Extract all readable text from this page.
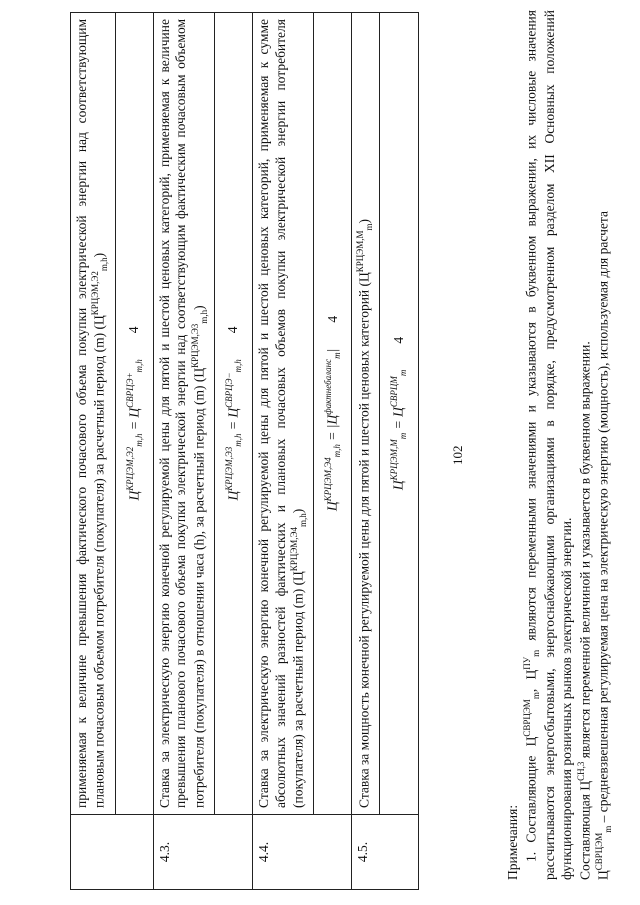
102

	применяемая к величине превышения фактического почасового объема покупки электрической энергии над соответствующим плановым почасовым объемом потребителя (покупателя) за расчетный период (m) $(Ц^{КРЦЭМ,Э2}_{m,h})$

	$Ц^{КРЦЭМ,Э2}_{m,h} = Ц^{СВРЦЭ+}_{m,h}4$

4.3.	Ставка за электрическую энергию конечной регулируемой цены для пятой и шестой ценовых категорий, применяемая к величине превышения планового почасового объема покупки электрической энергии над соответствующим фактическим почасовым объемом потребителя (покупателя) в отношении часа (h), за расчетный период (m) $(Ц^{КРЦЭМ,Э3}_{m,h})$

	$Ц^{КРЦЭМ,Э3}_{m,h} = Ц^{СВРЦЭ-}_{m,h}4$

4.4.	Ставка за электрическую энергию конечной регулируемой цены для пятой и шестой ценовых категорий, применяемая к сумме абсолютных значений разностей фактических и плановых почасовых объемов покупки электрической энергии потребителя (покупателя) за расчетный период (m) $(Ц^{КРЦЭМ,Э4}_{m,h})$

	$Ц^{КРЦЭМ,Э4}_{m,h} = |Ц^{фактнебаланс}_m|4$

4.5.	Ставка за мощность конечной регулируемой цены для пятой и шестой ценовых категорий $(Ц^{КРЦЭМ,М}_m)$

	$Ц^{КРЦЭМ,М}_m = Ц^{СВРЦМ}_m4$

Примечания: 1. Составляющие $Ц^{СВРЦЭМ}_m$, $Ц^{ПУ}_m$ являются переменными значениями и указываются в буквенном выражении, их числовые значения рассчитываются энергосбытовыми, энергоснабжающими организациями в порядке, предусмотренном разделом XII Основных положений функционирования розничных рынков электрической энергии. Составляющая $Ц^{СН,3}$ является переменной величиной и указывается в буквенном выражении.

$Ц^{СВРЦЭМ}_m$ – средневзвешенная регулируемая цена на электрическую энергию (мощность), используемая для расчета
